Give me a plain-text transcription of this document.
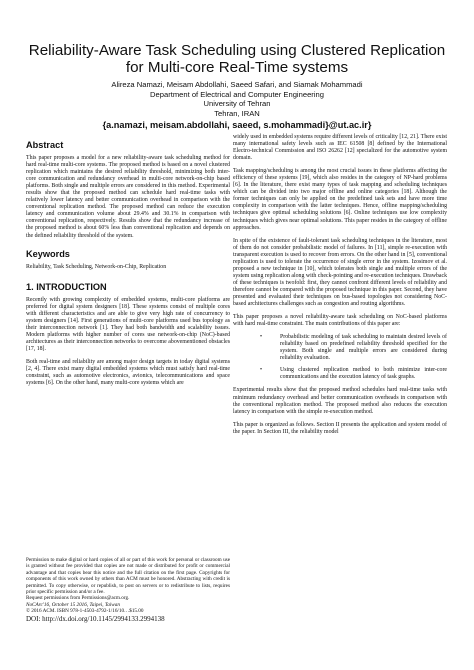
Reliability-Aware Task Scheduling using Clustered Replication
for Multi-core Real-Time systems
Alireza Namazi, Meisam Abdollahi, Saeed Safari, and Siamak Mohammadi
Department of Electrical and Computer Engineering
University of Tehran
Tehran, IRAN
{a.namazi, meisam.abdollahi, saeed, s.mohammadi}@ut.ac.ir}
Abstract

This paper proposes a model for a new reliability-aware task scheduling method for hard real-time multi-core systems. The proposed method is based on a novel clustered replication which maintains the desired reliability threshold, minimizing both inter-core communication and redundancy overhead in multi-core network-on-chip based platforms. Both single and multiple errors are considered in this method. Experimental results show that the proposed method can schedule hard real-time tasks with relatively lower latency and better communication overhead in comparison with the conventional replication method. The proposed method can reduce the execution latency and communication volume about 29.4% and 30.1% in comparison with conventional replication, respectively. Results show that the redundancy increase of the proposed method is about 60% less than conventional replication and depends on the defined reliability threshold of the system.

Keywords

Reliability, Task Scheduling, Network-on-Chip, Replication

1. INTRODUCTION

Recently with growing complexity of embedded systems, multi-core platforms are preferred for digital system designers [18]. These systems consist of multiple cores with different characteristics and are able to give very high rate of concurrency to system designers [14]. First generations of multi-core platforms used bus topology as their interconnection network [1]. They had both bandwidth and scalability issues. Modern platforms with higher number of cores use network-on-chip (NoC)-based architectures as their interconnection networks to overcome abovementioned obstacles [17, 18].

Both real-time and reliability are among major design targets in today digital systems [2, 4]. There exist many digital embedded systems which must satisfy hard real-time constraint, such as automotive electronics, avionics, telecommunications and space systems [6]. On the other hand, many multi-core systems which are

widely used in embedded systems require different levels of criticality [12, 21]. There exist many international safety levels such as IEC 61508 [8] defined by the International Electro-technical Commission and ISO 26262 [12] specialized for the automotive system domain.

Task mapping/scheduling is among the most crucial issues in these platforms affecting the efficiency of these systems [19], which also resides in the category of NP-hard problems [6]. In the literature, there exist many types of task mapping and scheduling techniques which can be divided into two major offline and online categories [18]. Although the former techniques can only be applied on the predefined task sets and have more time complexity in comparison with the latter techniques. Hence, offline mapping/scheduling techniques give optimal scheduling solutions [6]. Online techniques use low complexity techniques which gives near optimal solutions. This paper resides in the category of offline approaches.

In spite of the existence of fault-tolerant task scheduling techniques in the literature, most of them do not consider probabilistic model of failures. In [11], simple re-execution with transparent execution is used to recover from errors. On the other hand in [5], conventional replication is used to tolerate the occurrence of single error in the system. Izosimov et al. proposed a new technique in [10], which tolerates both single and multiple errors of the system using replication along with check-pointing and re-execution techniques. Drawback of these techniques is twofold: first, they cannot confront different levels of reliability and therefore cannot be compared with the proposed technique in this paper. Second, they have presented and evaluated their techniques on bus-based topologies not considering NoC-based architectures challenges such as congestion and routing algorithms.

This paper proposes a novel reliability-aware task scheduling on NoC-based platforms with hard real-time constraint. The main contributions of this paper are:

•	Probabilistic modeling of task scheduling to maintain desired levels of reliability based on predefined reliability threshold specified for the system. Both single and multiple errors are considered during reliability evaluation.
•	Using clustered replication method to both minimize inter-core communications and the execution latency of task graphs.

Experimental results show that the proposed method schedules hard real-time tasks with minimum redundancy overhead and better communication overheads in comparison with the conventional replication method. The proposed method also reduces the execution latency in comparison with the simple re-execution method.

This paper is organized as follows. Section II presents the application and system model of the paper. In Section III, the reliability model

Permission to make digital or hard copies of all or part of this work for personal or classroom use is granted without fee provided that copies are not made or distributed for profit or commercial advantage and that copies bear this notice and the full citation on the first page. Copyrights for components of this work owned by others than ACM must be honored. Abstracting with credit is permitted. To copy otherwise, or republish, to post on servers or to redistribute to lists, requires prior specific permission and/or a fee.
Request permissions from Permissions@acm.org.
NoCArc'16, October 15 2016, Taipei, Taiwan
© 2016 ACM. ISBN 978-1-4503-4792-1/16/10…$15.00
DOI: http://dx.doi.org/10.1145/2994133.2994138
